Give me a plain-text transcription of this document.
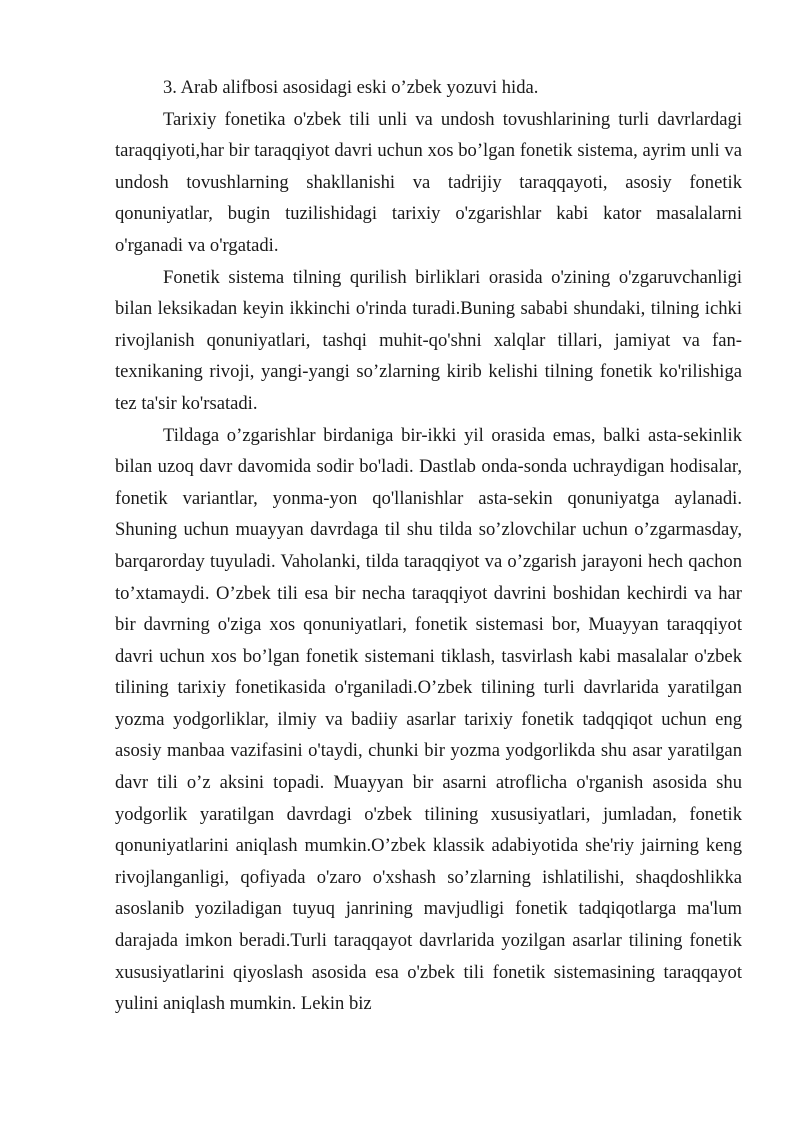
3. Arab alifbosi asosidagi eski o’zbek yozuvi hida.

Tarixiy fonetika o'zbek tili unli va undosh tovushlarining turli davrlardagi taraqqiyoti,har bir taraqqiyot davri uchun xos bo’lgan fonetik sistema, ayrim unli va undosh tovushlarning shakllanishi va tadrijiy taraqqayoti, asosiy fonetik qonuniyatlar, bugin tuzilishidagi tarixiy o'zgarishlar kabi kator masalalarni o'rganadi va o'rgatadi.

Fonetik sistema tilning qurilish birliklari orasida o'zining o'zgaruvchanligi bilan leksikadan keyin ikkinchi o'rinda turadi.Buning sababi shundaki, tilning ichki rivojlanish qonuniyatlari, tashqi muhit-qo'shni xalqlar tillari, jamiyat va fan-texnikaning rivoji, yangi-yangi so’zlarning kirib kelishi tilning fonetik ko'rilishiga tez ta'sir ko'rsatadi.

Tildaga o’zgarishlar birdaniga bir-ikki yil orasida emas, balki asta-sekinlik bilan uzoq davr davomida sodir bo'ladi. Dastlab onda-sonda uchraydigan hodisalar, fonetik variantlar, yonma-yon qo'llanishlar asta-sekin qonuniyatga aylanadi. Shuning uchun muayyan davrdaga til shu tilda so’zlovchilar uchun o’zgarmasday, barqarorday tuyuladi. Vaholanki, tilda taraqqiyot va o’zgarish jarayoni hech qachon to’xtamaydi. O’zbek tili esa bir necha taraqqiyot davrini boshidan kechirdi va har bir davrning o'ziga xos qonuniyatlari, fonetik sistemasi bor, Muayyan taraqqiyot davri uchun xos bo’lgan fonetik sistemani tiklash, tasvirlash kabi masalalar o'zbek tilining tarixiy fonetikasida o'rganiladi.O’zbek tilining turli davrlarida yaratilgan yozma yodgorliklar, ilmiy va badiiy asarlar tarixiy fonetik tadqqiqot uchun eng asosiy manbaa vazifasini o'taydi, chunki bir yozma yodgorlikda shu asar yaratilgan davr tili o’z aksini topadi. Muayyan bir asarni atroflicha o'rganish asosida shu yodgorlik yaratilgan davrdagi o'zbek tilining xususiyatlari, jumladan, fonetik qonuniyatlarini aniqlash mumkin.O’zbek klassik adabiyotida she'riy jairning keng rivojlanganligi, qofiyada o'zaro o'xshash so’zlarning ishlatilishi, shaqdoshlikka asoslanib yoziladigan tuyuq janrining mavjudligi fonetik tadqiqotlarga ma'lum darajada imkon beradi.Turli taraqqayot davrlarida yozilgan asarlar tilining fonetik xususiyatlarini qiyoslash asosida esa o'zbek tili fonetik sistemasining taraqqayot yulini aniqlash mumkin. Lekin biz
